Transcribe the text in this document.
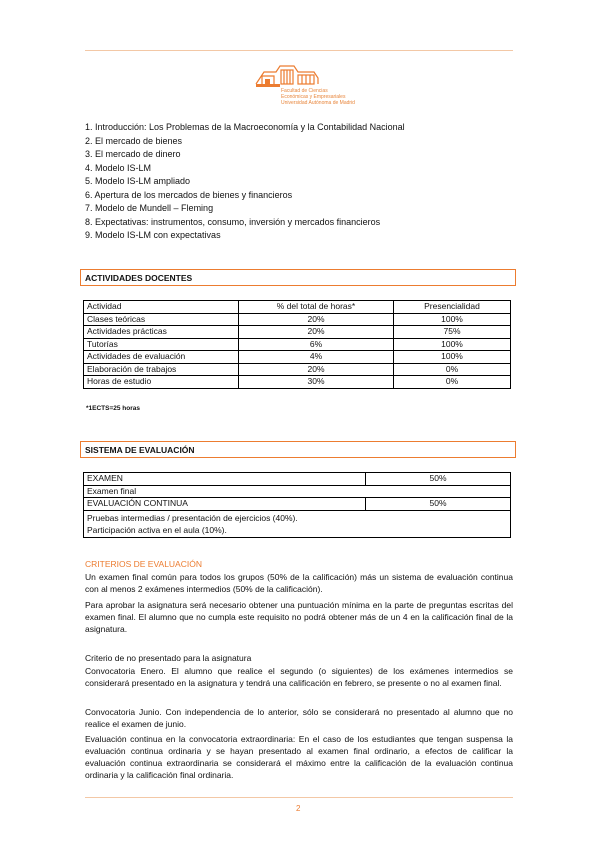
Facultad de Ciencias
Económicas y Empresariales
Universidad Autónoma de Madrid
1. Introducción: Los Problemas de la Macroeconomía y la Contabilidad Nacional
2. El mercado de bienes
3. El mercado de dinero
4. Modelo IS-LM
5. Modelo IS-LM ampliado
6. Apertura de los mercados de bienes y financieros
7. Modelo de Mundell – Fleming
8. Expectativas: instrumentos, consumo, inversión y mercados financieros
9. Modelo IS-LM con expectativas
ACTIVIDADES DOCENTES
Actividad	% del total de horas*	Presencialidad
Clases teóricas	20%	100%
Actividades prácticas	20%	75%
Tutorías	6%	100%
Actividades de evaluación	4%	100%
Elaboración de trabajos	20%	0%
Horas de estudio	30%	0%
*1ECTS=25 horas
SISTEMA DE EVALUACIÓN
EXAMEN	50%
Examen final	
EVALUACIÓN CONTINUA	50%

Pruebas intermedias / presentación de ejercicios (40%).
Participación activa en el aula (10%).	
CRITERIOS DE EVALUACIÓN
Un examen final común para todos los grupos (50% de la calificación) más un sistema de evaluación continua con al menos 2 exámenes intermedios (50% de la calificación).
Para aprobar la asignatura será necesario obtener una puntuación mínima en la parte de preguntas escritas del examen final. El alumno que no cumpla este requisito no podrá obtener más de un 4 en la calificación final de la asignatura.
Criterio de no presentado para la asignatura
Convocatoria Enero. El alumno que realice el segundo (o siguientes) de los exámenes intermedios se considerará presentado en la asignatura y tendrá una calificación en febrero, se presente o no al examen final.
Convocatoria Junio. Con independencia de lo anterior, sólo se considerará no presentado al alumno que no realice el examen de junio.
Evaluación continua en la convocatoria extraordinaria: En el caso de los estudiantes que tengan suspensa la evaluación continua ordinaria y se hayan presentado al examen final ordinario, a efectos de calificar la evaluación continua extraordinaria se considerará el máximo entre la calificación de la evaluación continua ordinaria y la calificación final ordinaria.
2
